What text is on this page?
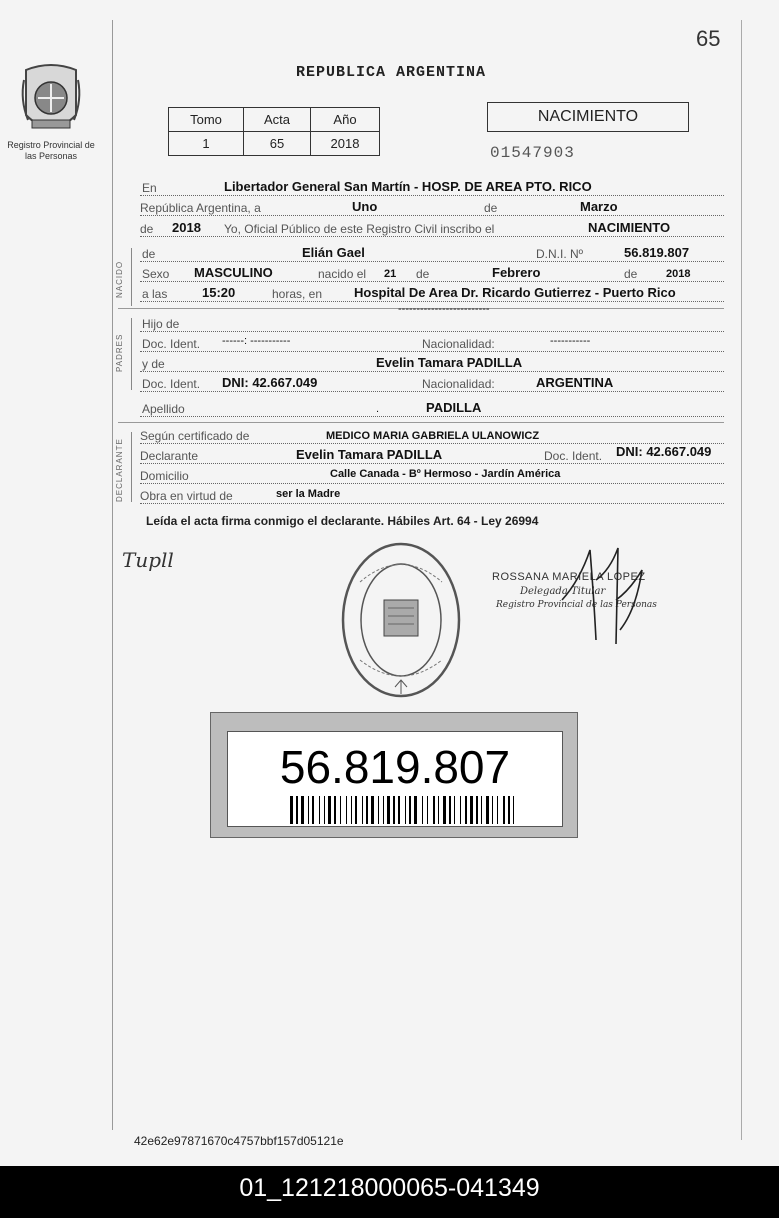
65
Registro Provincial de las Personas
REPUBLICA ARGENTINA
Tomo	Acta	Año
1	65	2018
NACIMIENTO
01547903
En	Libertador General San Martín - HOSP. DE AREA PTO. RICO
República Argentina, a	Uno	de	Marzo
de 2018 Yo, Oficial Público de este Registro Civil inscribo el	NACIMIENTO
NACIDO
de	Elián Gael	D.N.I. Nº	56.819.807
Sexo MASCULINO	nacido el 21 de	Febrero	de	2018
a las	15:20	horas, en Hospital De Area Dr. Ricardo Gutierrez - Puerto Rico
PADRES
Hijo de
-------------------------
Doc. Ident. ------: -----------	Nacionalidad:	-----------
y de	Evelin Tamara PADILLA
Doc. Ident. DNI: 42.667.049	Nacionalidad:	ARGENTINA
Apellido	.	PADILLA
DECLARANTE
Según certificado de	MEDICO MARIA GABRIELA ULANOWICZ
Declarante	Evelin Tamara PADILLA	Doc. Ident. DNI: 42.667.049
Domicilio	Calle Canada - Bº Hermoso - Jardín América
Obra en virtud de	ser la Madre
Leída el acta firma conmigo el declarante. Hábiles Art. 64 - Ley 26994
Tupll
ROSSANA MARIELA LOPEZ
Delegada Titular
Registro Provincial de las Personas
56.819.807
42e62e97871670c4757bbf157d05121e
01_121218000065-041349
